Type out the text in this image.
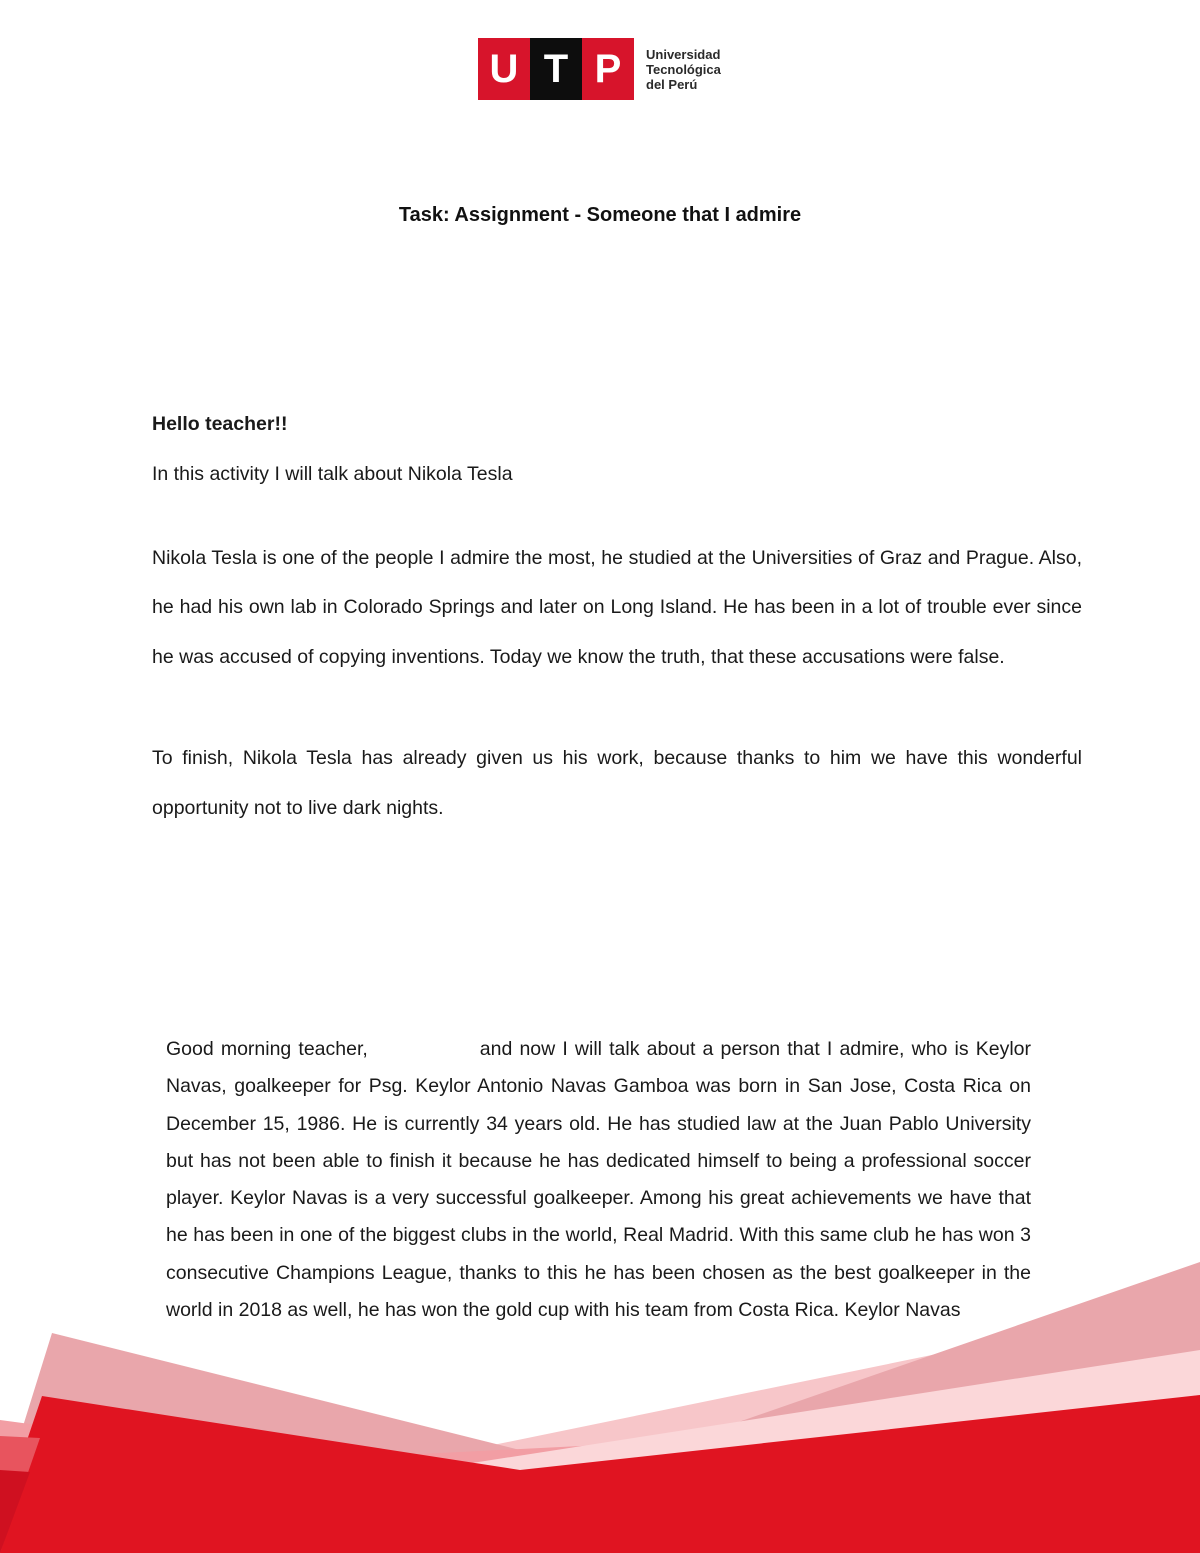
U T P	Universidad
Tecnológica
del Perú
Task: Assignment - Someone that I admire

Hello teacher!!

In this activity I will talk about Nikola Tesla

Nikola Tesla is one of the people I admire the most, he studied at the Universities of Graz and Prague. Also, he had his own lab in Colorado Springs and later on Long Island. He has been in a lot of trouble ever since he was accused of copying inventions. Today we know the truth, that these accusations were false.

To finish, Nikola Tesla has already given us his work, because thanks to him we have this wonderful opportunity not to live dark nights.

Good morning teacher,	and now I will talk about a person that I admire, who is Keylor Navas, goalkeeper for Psg. Keylor Antonio Navas Gamboa was born in San Jose, Costa Rica on December 15, 1986. He is currently 34 years old. He has studied law at the Juan Pablo University but has not been able to finish it because he has dedicated himself to being a professional soccer player. Keylor Navas is a very successful goalkeeper. Among his great achievements we have that he has been in one of the biggest clubs in the world, Real Madrid. With this same club he has won 3 consecutive Champions League, thanks to this he has been chosen as the best goalkeeper in the world in 2018 as well, he has won the gold cup with his team from Costa Rica. Keylor Navas
